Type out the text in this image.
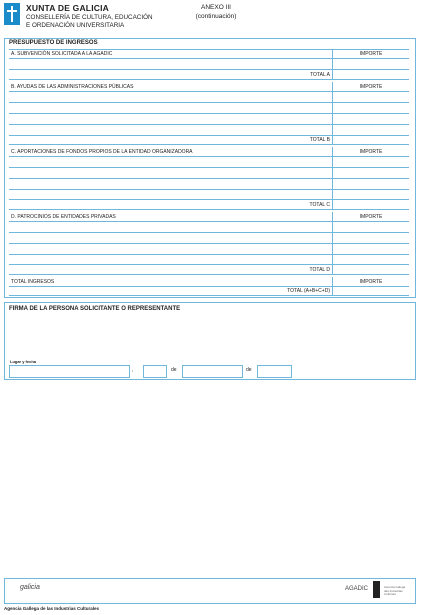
XUNTA DE GALICIA
CONSELLERÍA DE CULTURA, EDUCACIÓN
E ORDENACIÓN UNIVERSITARIA
ANEXO III
(continuación)
PRESUPUESTO DE INGRESOS
A. SUBVENCIÓN SOLICITADA A LA AGADIC	IMPORTE
TOTAL A
B. AYUDAS DE LAS ADMINISTRACIONES PÚBLICAS	IMPORTE
TOTAL B
C. APORTACIONES DE FONDOS PROPIOS DE LA ENTIDAD ORGANIZADORA	IMPORTE
TOTAL C
D. PATROCINIOS DE ENTIDADES PRIVADAS	IMPORTE
TOTAL D
TOTAL INGRESOS	IMPORTE
TOTAL (A+B+C+D)
FIRMA DE LA PERSONA SOLICITANTE O REPRESENTANTE
Lugar y fecha
,	de	de
galicia	AGADIC	Axencia Galega das Industrias Culturais
Agencia Gallega de las Industrias Culturales
